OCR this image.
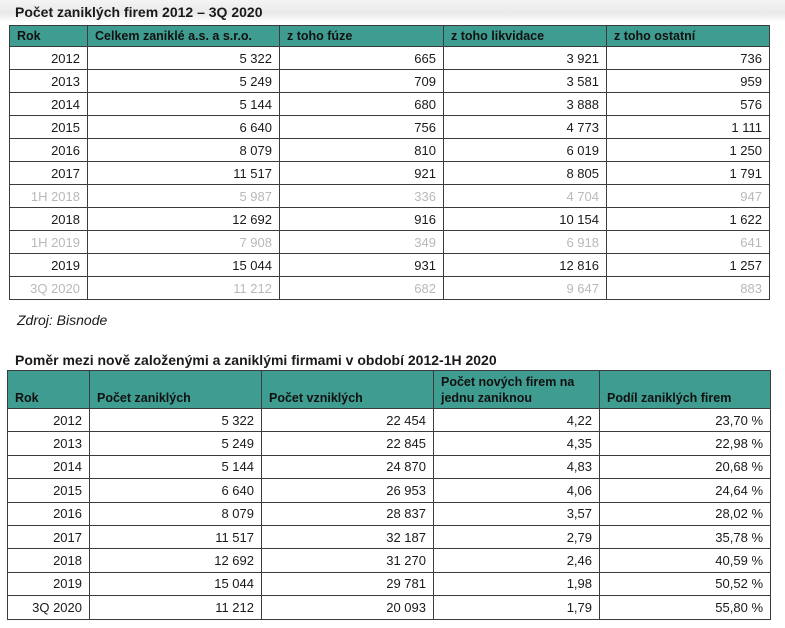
Počet zaniklých firem 2012 – 3Q 2020
Rok	Celkem zaniklé a.s. a s.r.o.	z toho fúze	z toho likvidace	z toho ostatní
2012	5 322	665	3 921	736
2013	5 249	709	3 581	959
2014	5 144	680	3 888	576
2015	6 640	756	4 773	1 111
2016	8 079	810	6 019	1 250
2017	11 517	921	8 805	1 791
1H 2018	5 987	336	4 704	947
2018	12 692	916	10 154	1 622
1H 2019	7 908	349	6 918	641
2019	15 044	931	12 816	1 257
3Q 2020	11 212	682	9 647	883
Zdroj: Bisnode
Poměr mezi nově založenými a zaniklými firmami v období 2012-1H 2020
Rok	Počet zaniklých	Počet vzniklých	Počet nových firem na jednu zaniknou	Podíl zaniklých firem
2012	5 322	22 454	4,22	23,70 %
2013	5 249	22 845	4,35	22,98 %
2014	5 144	24 870	4,83	20,68 %
2015	6 640	26 953	4,06	24,64 %
2016	8 079	28 837	3,57	28,02 %
2017	11 517	32 187	2,79	35,78 %
2018	12 692	31 270	2,46	40,59 %
2019	15 044	29 781	1,98	50,52 %
3Q 2020	11 212	20 093	1,79	55,80 %
